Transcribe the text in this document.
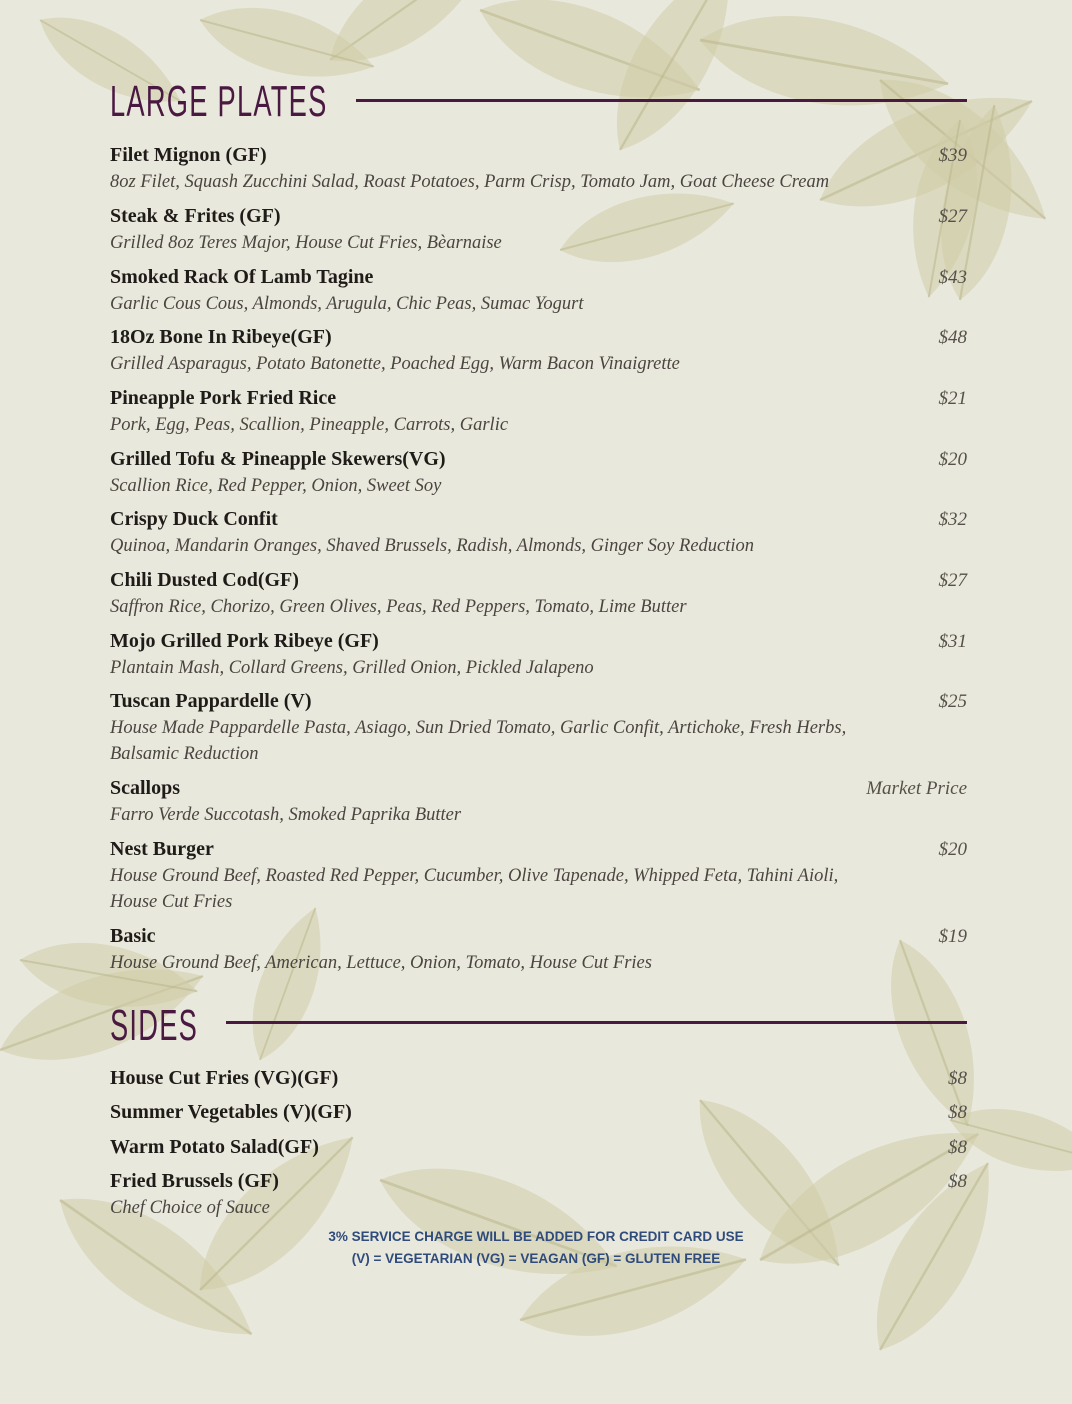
LARGE PLATES
Filet Mignon (GF)	$39
8oz Filet, Squash Zucchini Salad, Roast Potatoes, Parm Crisp, Tomato Jam, Goat Cheese Cream
Steak & Frites (GF)	$27
Grilled 8oz Teres Major, House Cut Fries, Bèarnaise
Smoked Rack Of Lamb Tagine	$43
Garlic Cous Cous, Almonds, Arugula, Chic Peas, Sumac Yogurt
18Oz Bone In Ribeye(GF)	$48
Grilled Asparagus, Potato Batonette, Poached Egg, Warm Bacon Vinaigrette
Pineapple Pork Fried Rice	$21
Pork, Egg, Peas, Scallion, Pineapple, Carrots, Garlic
Grilled Tofu & Pineapple Skewers(VG)	$20
Scallion Rice, Red Pepper, Onion, Sweet Soy
Crispy Duck Confit	$32
Quinoa, Mandarin Oranges, Shaved Brussels, Radish, Almonds, Ginger Soy Reduction
Chili Dusted Cod(GF)	$27
Saffron Rice, Chorizo, Green Olives, Peas, Red Peppers, Tomato, Lime Butter
Mojo Grilled Pork Ribeye (GF)	$31
Plantain Mash, Collard Greens, Grilled Onion, Pickled Jalapeno
Tuscan Pappardelle (V)	$25
House Made Pappardelle Pasta, Asiago, Sun Dried Tomato, Garlic Confit, Artichoke, Fresh Herbs, Balsamic Reduction
Scallops	Market Price
Farro Verde Succotash, Smoked Paprika Butter
Nest Burger	$20
House Ground Beef, Roasted Red Pepper, Cucumber, Olive Tapenade, Whipped Feta, Tahini Aioli, House Cut Fries
Basic	$19
House Ground Beef, American, Lettuce, Onion, Tomato, House Cut Fries
SIDES
House Cut Fries (VG)(GF)	$8
Summer Vegetables (V)(GF)	$8
Warm Potato Salad(GF)	$8
Fried Brussels (GF)	$8
Chef Choice of Sauce
3% SERVICE CHARGE WILL BE ADDED FOR CREDIT CARD USE
(V) = VEGETARIAN (VG) = VEAGAN (GF) = GLUTEN FREE
